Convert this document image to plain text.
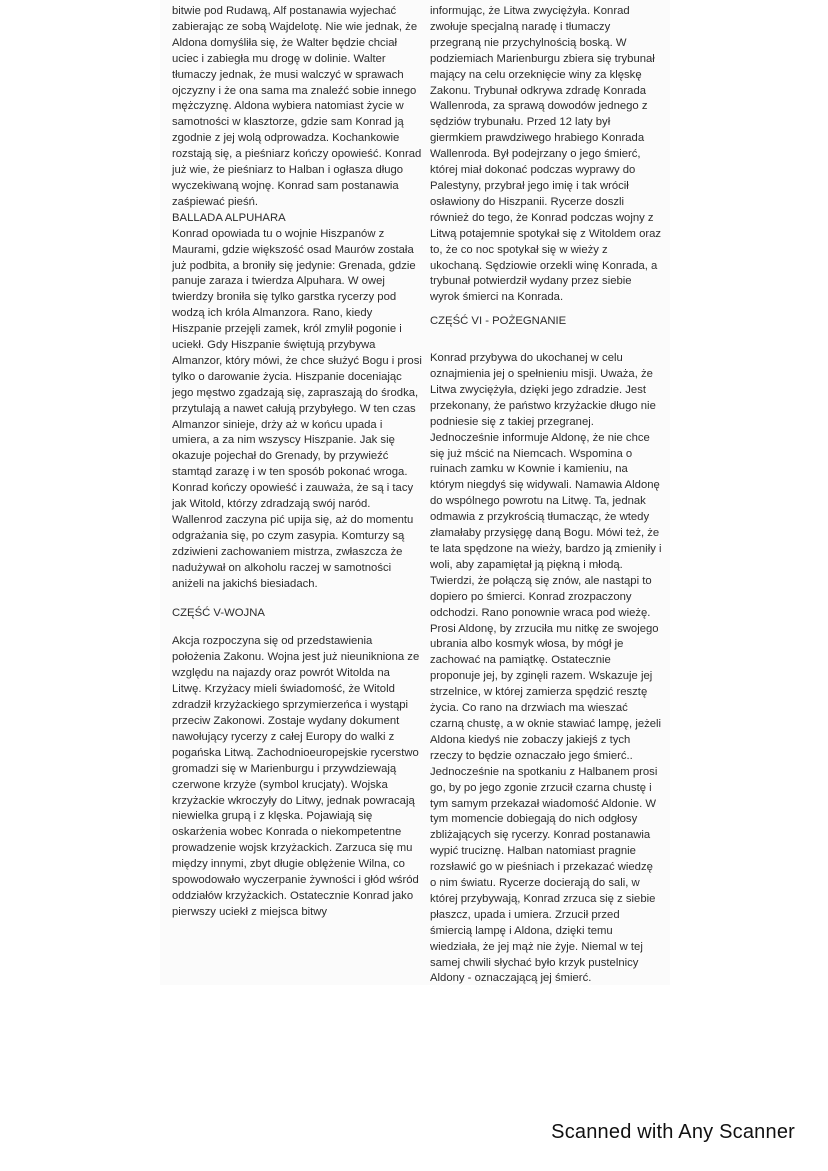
bitwie pod Rudawą, Alf postanawia wyjechać zabierając ze sobą Wajdelotę. Nie wie jednak, że Aldona domyśliła się, że Walter będzie chciał uciec i zabiegła mu drogę w dolinie. Walter tłumaczy jednak, że musi walczyć w sprawach ojczyzny i że ona sama ma znaleźć sobie innego mężczyznę. Aldona wybiera natomiast życie w samotności w klasztorze, gdzie sam Konrad ją zgodnie z jej wolą odprowadza. Kochankowie rozstają się, a pieśniarz kończy opowieść. Konrad już wie, że pieśniarz to Halban i ogłasza długo wyczekiwaną wojnę. Konrad sam postanawia zaśpiewać pieśń.

BALLADA ALPUHARA

Konrad opowiada tu o wojnie Hiszpanów z Maurami, gdzie większość osad Maurów została już podbita, a broniły się jedynie: Grenada, gdzie panuje zaraza i twierdza Alpuhara. W owej twierdzy broniła się tylko garstka rycerzy pod wodzą ich króla Almanzora. Rano, kiedy Hiszpanie przejęli zamek, król zmylił pogonie i uciekł. Gdy Hiszpanie świętują przybywa Almanzor, który mówi, że chce służyć Bogu i prosi tylko o darowanie życia. Hiszpanie doceniając jego męstwo zgadzają się, zapraszają do środka, przytulają a nawet całują przybyłego. W ten czas Almanzor sinieje, drży aż w końcu upada i umiera, a za nim wszyscy Hiszpanie. Jak się okazuje pojechał do Grenady, by przywieźć stamtąd zarazę i w ten sposób pokonać wroga. Konrad kończy opowieść i zauważa, że są i tacy jak Witold, którzy zdradzają swój naród. Wallenrod zaczyna pić upija się, aż do momentu odgrażania się, po czym zasypia. Komturzy są zdziwieni zachowaniem mistrza, zwłaszcza że nadużywał on alkoholu raczej w samotności aniżeli na jakichś biesiadach.

CZĘŚĆ V-WOJNA

Akcja rozpoczyna się od przedstawienia położenia Zakonu. Wojna jest już nieunikniona ze względu na najazdy oraz powrót Witolda na Litwę. Krzyżacy mieli świadomość, że Witold zdradził krzyżackiego sprzymierzeńca i wystąpi przeciw Zakonowi. Zostaje wydany dokument nawołujący rycerzy z całej Europy do walki z pogańska Litwą. Zachodnioeuropejskie rycerstwo gromadzi się w Marienburgu i przywdziewają czerwone krzyże (symbol krucjaty). Wojska krzyżackie wkroczyły do Litwy, jednak powracają niewielka grupą i z klęska. Pojawiają się oskarżenia wobec Konrada o niekompetentne prowadzenie wojsk krzyżackich. Zarzuca się mu między innymi, zbyt długie oblężenie Wilna, co spowodowało wyczerpanie żywności i głód wśród oddziałów krzyżackich. Ostatecznie Konrad jako pierwszy uciekł z miejsca bitwy

informując, że Litwa zwyciężyła. Konrad zwołuje specjalną naradę i tłumaczy przegraną nie przychylnością boską. W podziemiach Marienburgu zbiera się trybunał mający na celu orzeknięcie winy za klęskę Zakonu. Trybunał odkrywa zdradę Konrada Wallenroda, za sprawą dowodów jednego z sędziów trybunału. Przed 12 laty był giermkiem prawdziwego hrabiego Konrada Wallenroda. Był podejrzany o jego śmierć, której miał dokonać podczas wyprawy do Palestyny, przybrał jego imię i tak wrócił osławiony do Hiszpanii. Rycerze doszli również do tego, że Konrad podczas wojny z Litwą potajemnie spotykał się z Witoldem oraz to, że co noc spotykał się w wieży z ukochaną. Sędziowie orzekli winę Konrada, a trybunał potwierdził wydany przez siebie wyrok śmierci na Konrada.

CZĘŚĆ VI - POŻEGNANIE

Konrad przybywa do ukochanej w celu oznajmienia jej o spełnieniu misji. Uważa, że Litwa zwyciężyła, dzięki jego zdradzie. Jest przekonany, że państwo krzyżackie długo nie podniesie się z takiej przegranej. Jednocześnie informuje Aldonę, że nie chce się już mścić na Niemcach. Wspomina o ruinach zamku w Kownie i kamieniu, na którym niegdyś się widywali. Namawia Aldonę do wspólnego powrotu na Litwę. Ta, jednak odmawia z przykrością tłumacząc, że wtedy złamałaby przysięgę daną Bogu. Mówi też, że te lata spędzone na wieży, bardzo ją zmieniły i woli, aby zapamiętał ją piękną i młodą. Twierdzi, że połączą się znów, ale nastąpi to dopiero po śmierci. Konrad zrozpaczony odchodzi. Rano ponownie wraca pod wieżę. Prosi Aldonę, by zrzuciła mu nitkę ze swojego ubrania albo kosmyk włosa, by mógł je zachować na pamiątkę. Ostatecznie proponuje jej, by zginęli razem. Wskazuje jej strzelnice, w której zamierza spędzić resztę życia. Co rano na drzwiach ma wieszać czarną chustę, a w oknie stawiać lampę, jeżeli Aldona kiedyś nie zobaczy jakiejś z tych rzeczy to będzie oznaczało jego śmierć.. Jednocześnie na spotkaniu z Halbanem prosi go, by po jego zgonie zrzucił czarna chustę i tym samym przekazał wiadomość Aldonie. W tym momencie dobiegają do nich odgłosy zbliżających się rycerzy. Konrad postanawia wypić truciznę. Halban natomiast pragnie rozsławić go w pieśniach i przekazać wiedzę o nim światu. Rycerze docierają do sali, w której przybywają, Konrad zrzuca się z siebie płaszcz, upada i umiera. Zrzucił przed śmiercią lampę i Aldona, dzięki temu wiedziała, że jej mąż nie żyje. Niemal w tej samej chwili słychać było krzyk pustelnicy Aldony - oznaczającą jej śmierć.

Scanned with Any Scanner
